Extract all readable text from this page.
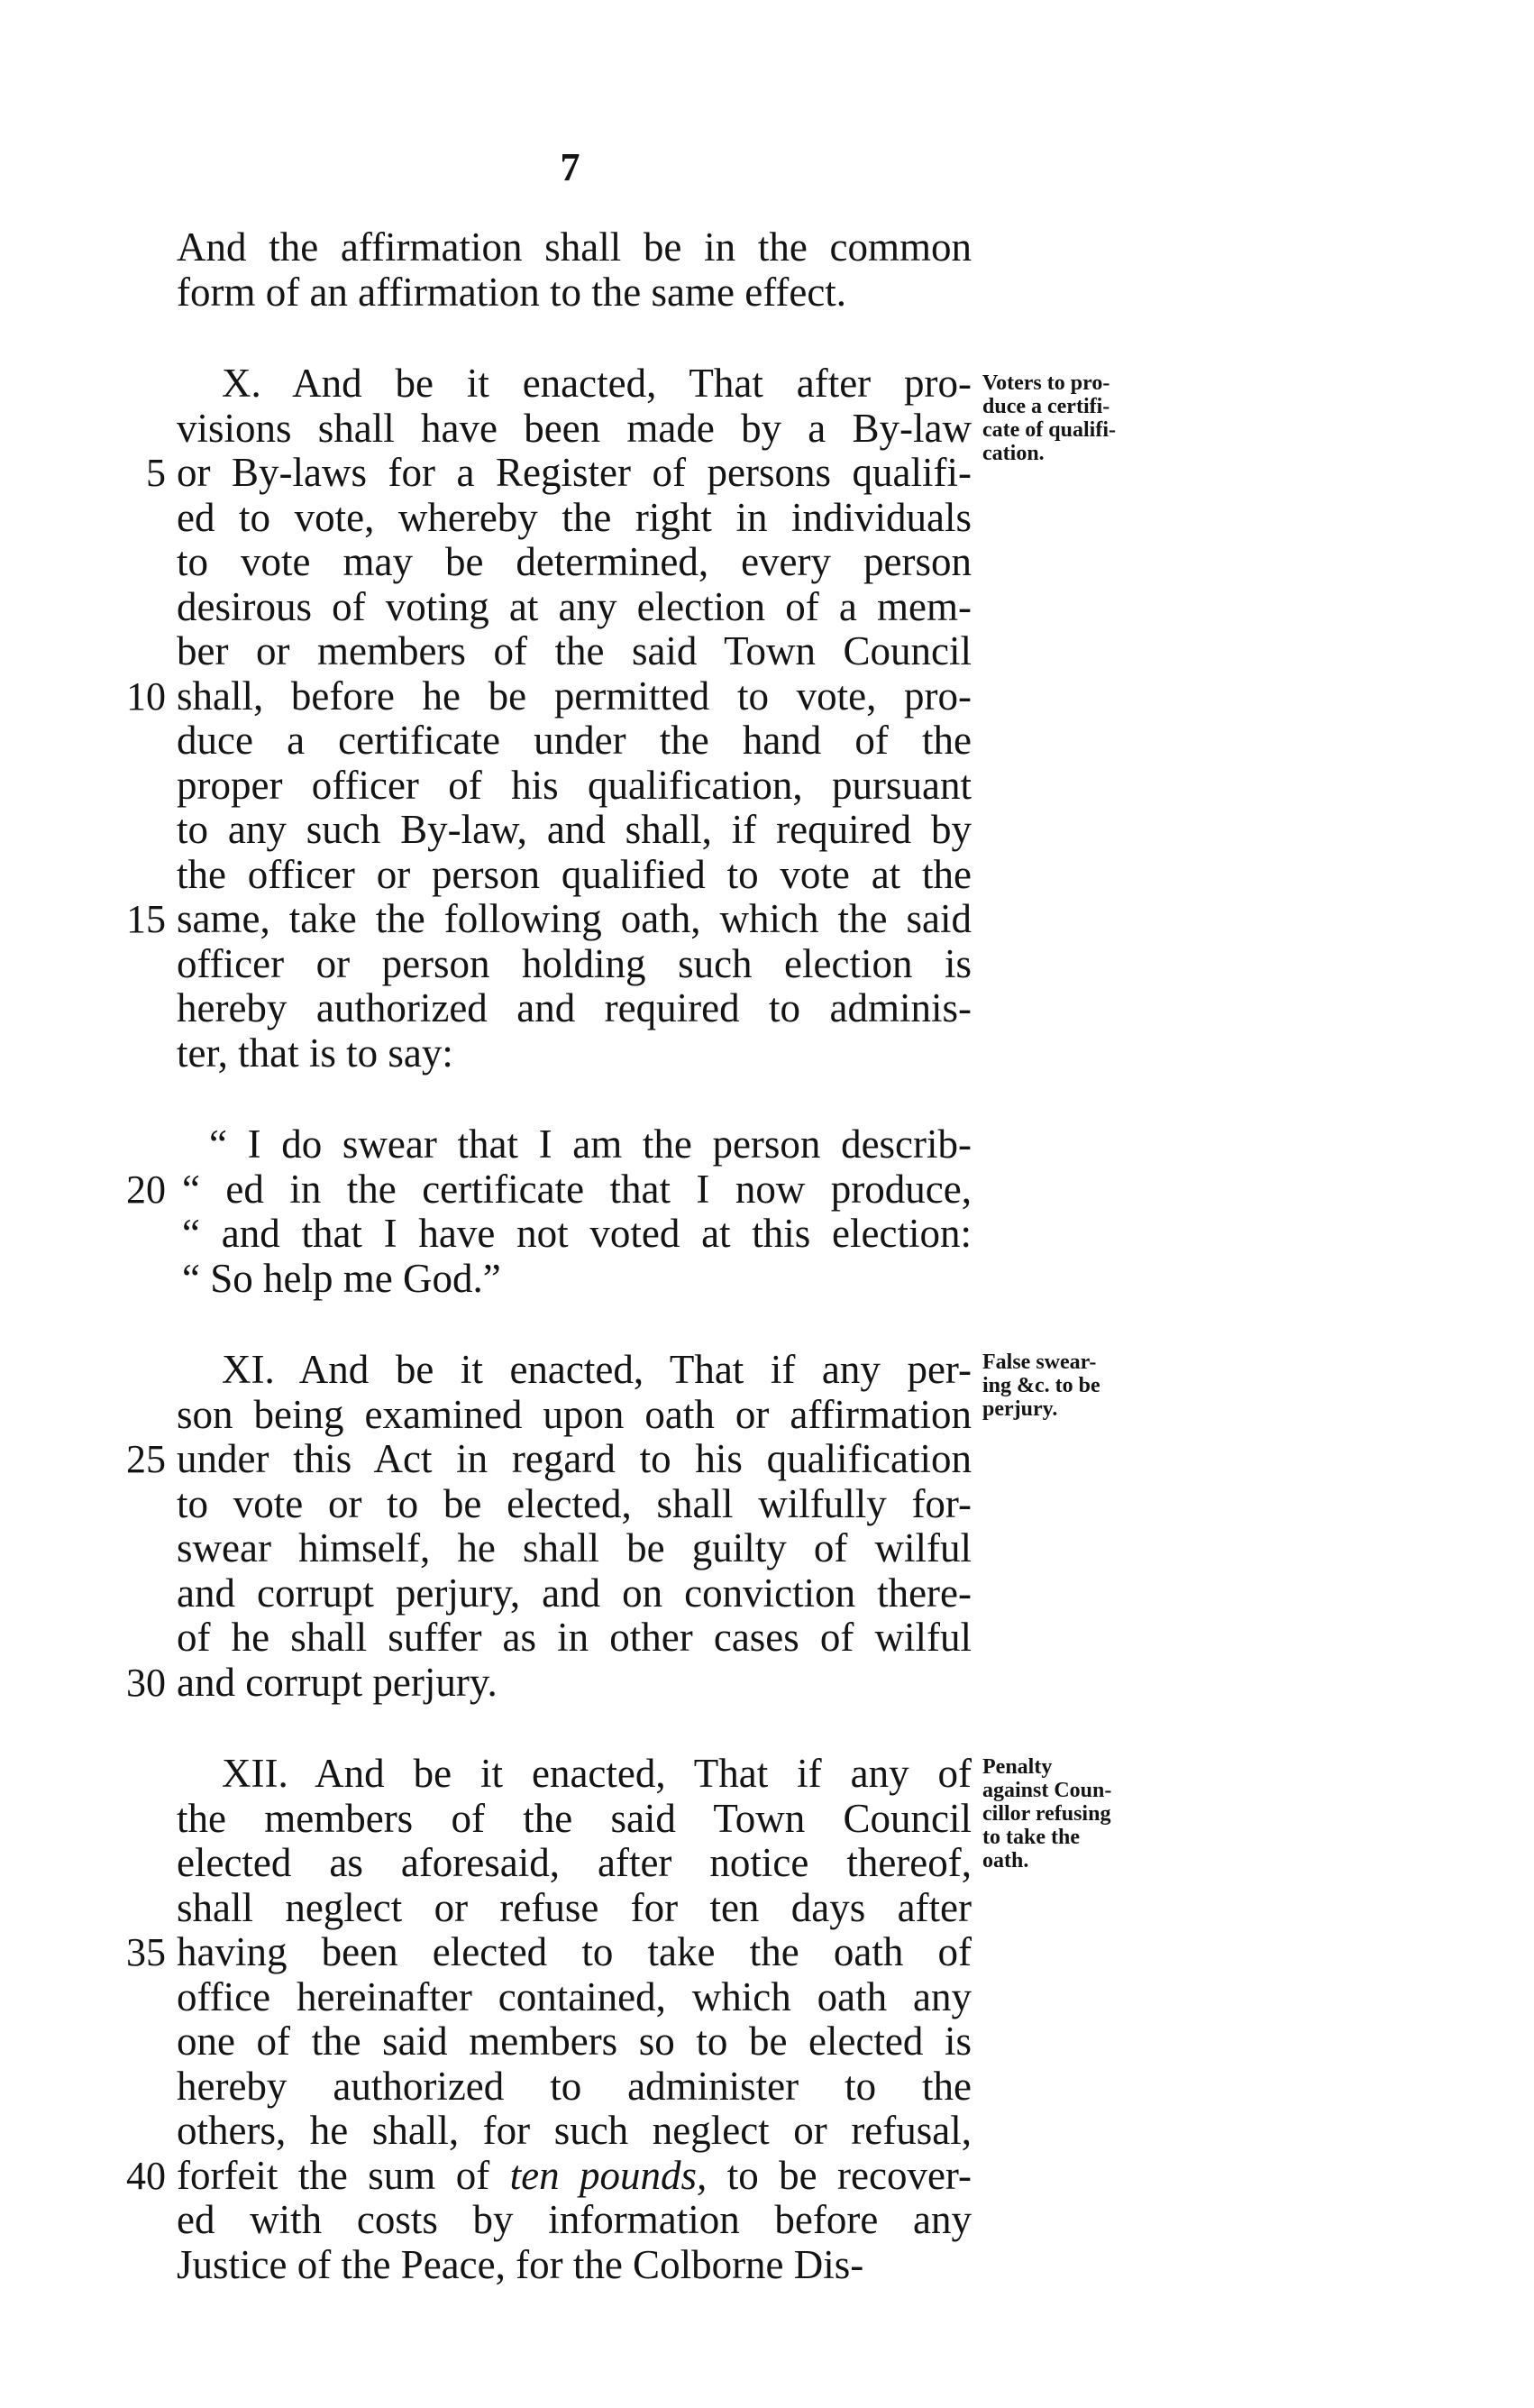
7
And the affirmation shall be in the common
form of an affirmation to the same effect.
X. And be it enacted, That after pro-
visions shall have been made by a By-law
5 or By-laws for a Register of persons qualifi-
ed to vote, whereby the right in individuals
to vote may be determined, every person
desirous of voting at any election of a mem-
ber or members of the said Town Council
10 shall, before he be permitted to vote, pro-
duce a certificate under the hand of the
proper officer of his qualification, pursuant
to any such By-law, and shall, if required by
the officer or person qualified to vote at the
15 same, take the following oath, which the said
officer or person holding such election is
hereby authorized and required to adminis-
ter, that is to say:
“ I do swear that I am the person describ-
20 “ ed in the certificate that I now produce,
“ and that I have not voted at this election:
“ So help me God.”
XI. And be it enacted, That if any per-
son being examined upon oath or affirmation
25 under this Act in regard to his qualification
to vote or to be elected, shall wilfully for-
swear himself, he shall be guilty of wilful
and corrupt perjury, and on conviction there-
of he shall suffer as in other cases of wilful
30 and corrupt perjury.
XII. And be it enacted, That if any of
the members of the said Town Council
elected as aforesaid, after notice thereof,
shall neglect or refuse for ten days after
35 having been elected to take the oath of
office hereinafter contained, which oath any
one of the said members so to be elected is
hereby authorized to administer to the
others, he shall, for such neglect or refusal,
40 forfeit the sum of ten pounds, to be recover-
ed with costs by information before any
Justice of the Peace, for the Colborne Dis-
Voters to pro-
duce a certifi-
cate of qualifi-
cation.
False swear-
ing &c. to be
perjury.
Penalty
against Coun-
cillor refusing
to take the
oath.
